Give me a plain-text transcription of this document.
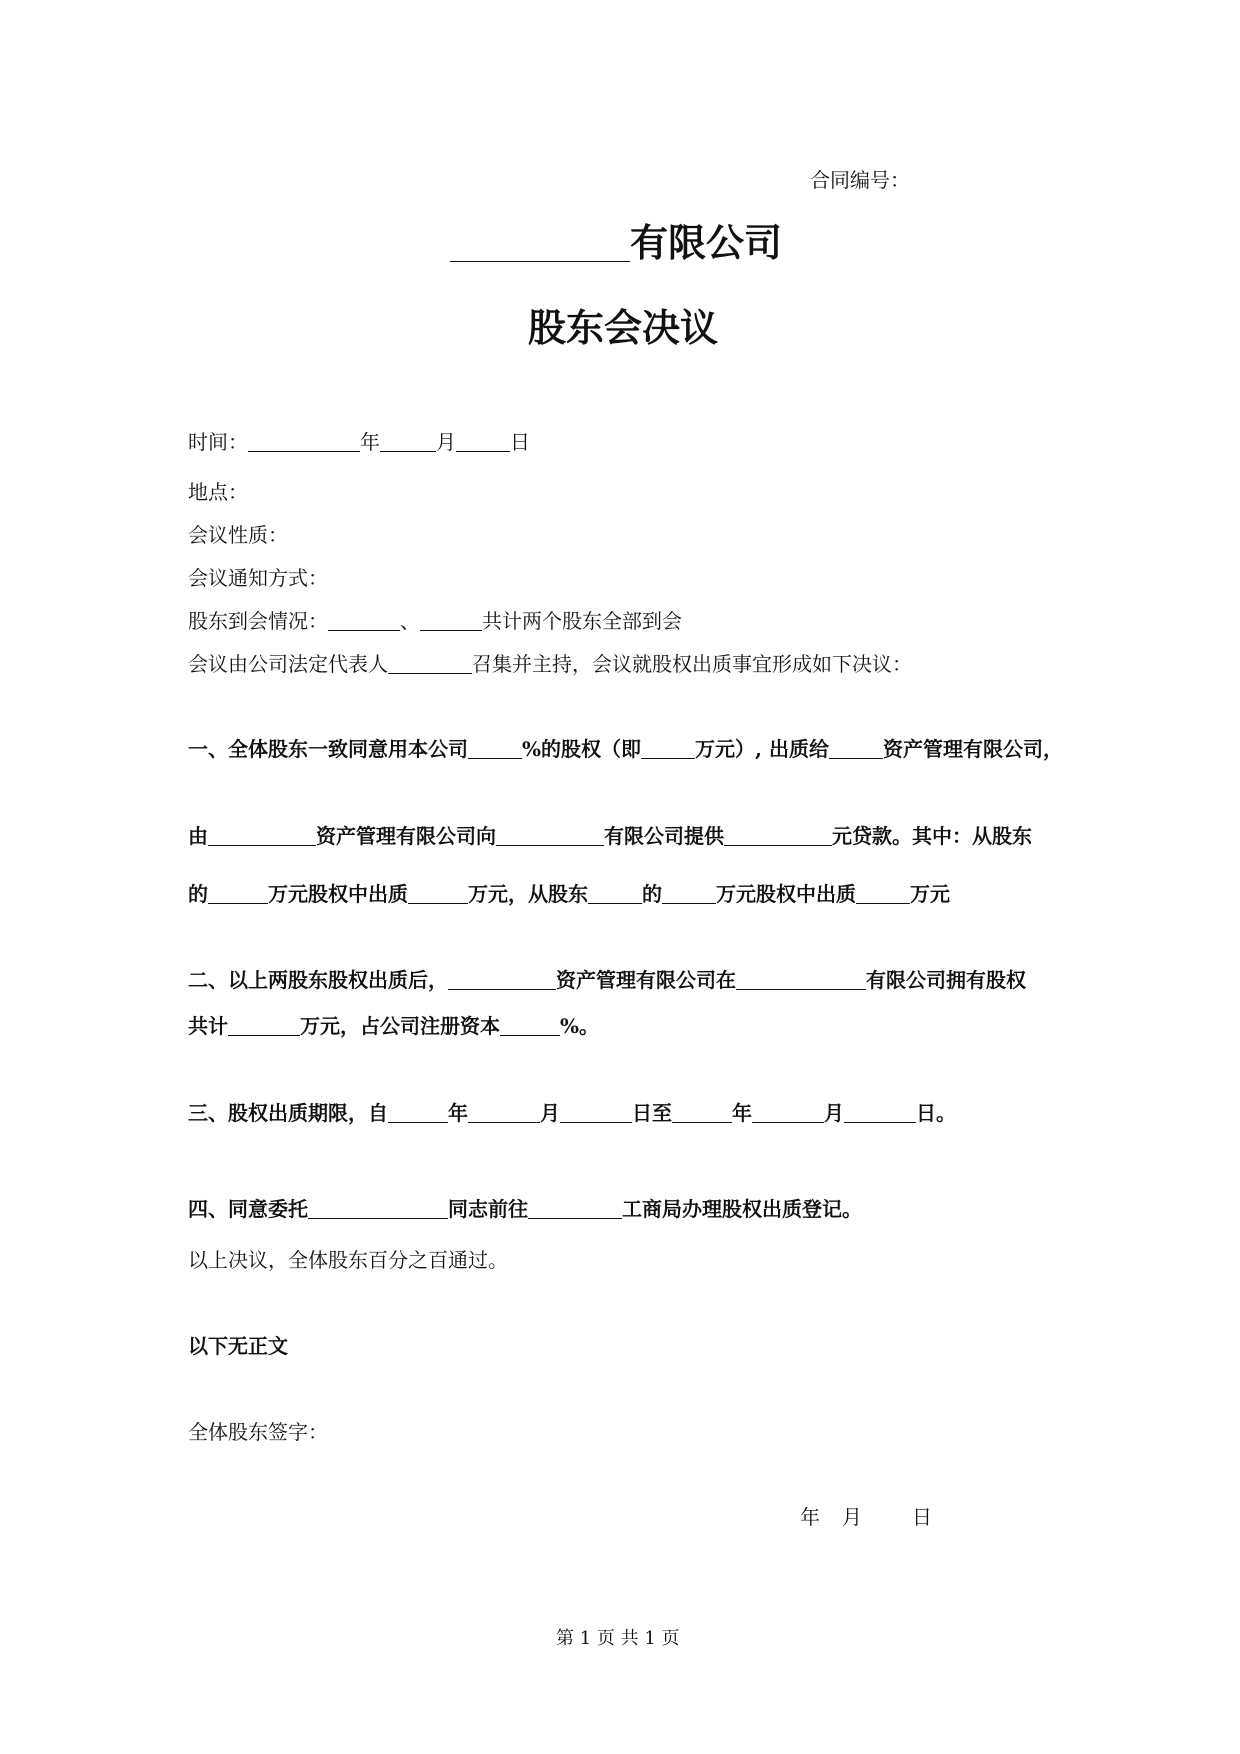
合同编号：
有限公司
股东会决议
时间：	年	月	日
地点：
会议性质：
会议通知方式：
股东到会情况：	、	共计两个股东全部到会
会议由公司法定代表人	召集并主持，会议就股权出质事宜形成如下决议：
一、全体股东一致同意用本公司	%的股权（即	万元）, 出质给	资产管理有限公司，
由	资产管理有限公司向	有限公司提供	元贷款。其中：从股东
的	万元股权中出质	万元，从股东	的	万元股权中出质	万元
二、以上两股东股权出质后，	资产管理有限公司在	有限公司拥有股权
共计	万元，占公司注册资本	%。
三、股权出质期限，自	年	月	日至	年	月	日。
四、同意委托	同志前往	工商局办理股权出质登记。
以上决议，全体股东百分之百通过。
以下无正文
全体股东签字：
年 月	日
第 1 页 共 1 页
